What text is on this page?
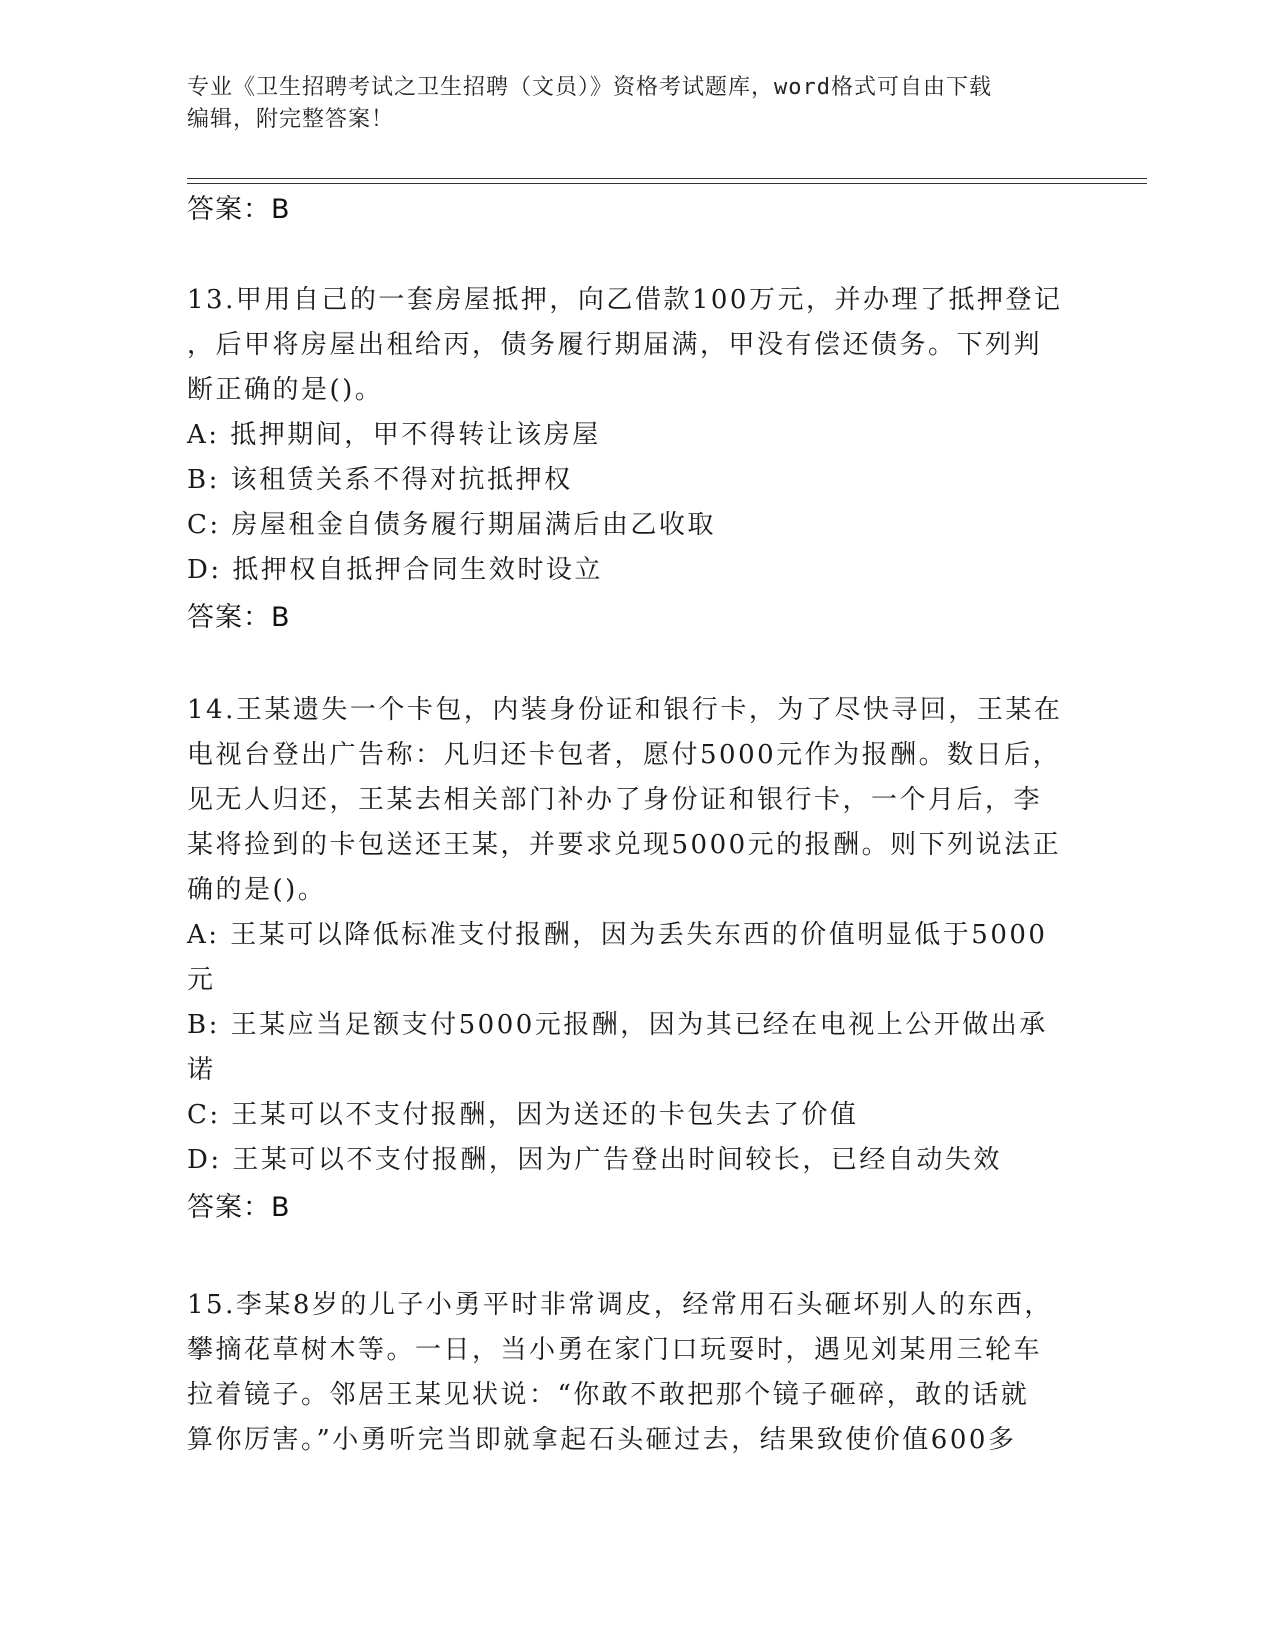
专业《卫生招聘考试之卫生招聘（文员）》资格考试题库，word格式可自由下载
编辑，附完整答案！
答案：B
13.甲用自己的一套房屋抵押，向乙借款100万元，并办理了抵押登记
，后甲将房屋出租给丙，债务履行期届满，甲没有偿还债务。下列判
断正确的是()。
A: 抵押期间，甲不得转让该房屋
B: 该租赁关系不得对抗抵押权
C: 房屋租金自债务履行期届满后由乙收取
D: 抵押权自抵押合同生效时设立
答案：B
14.王某遗失一个卡包，内装身份证和银行卡，为了尽快寻回，王某在
电视台登出广告称：凡归还卡包者，愿付5000元作为报酬。数日后，
见无人归还，王某去相关部门补办了身份证和银行卡，一个月后，李
某将捡到的卡包送还王某，并要求兑现5000元的报酬。则下列说法正
确的是()。
A: 王某可以降低标准支付报酬，因为丢失东西的价值明显低于5000
元
B: 王某应当足额支付5000元报酬，因为其已经在电视上公开做出承
诺
C: 王某可以不支付报酬，因为送还的卡包失去了价值
D: 王某可以不支付报酬，因为广告登出时间较长，已经自动失效
答案：B
15.李某8岁的儿子小勇平时非常调皮，经常用石头砸坏别人的东西，
攀摘花草树木等。一日，当小勇在家门口玩耍时，遇见刘某用三轮车
拉着镜子。邻居王某见状说：“你敢不敢把那个镜子砸碎，敢的话就
算你厉害。”小勇听完当即就拿起石头砸过去，结果致使价值600多
